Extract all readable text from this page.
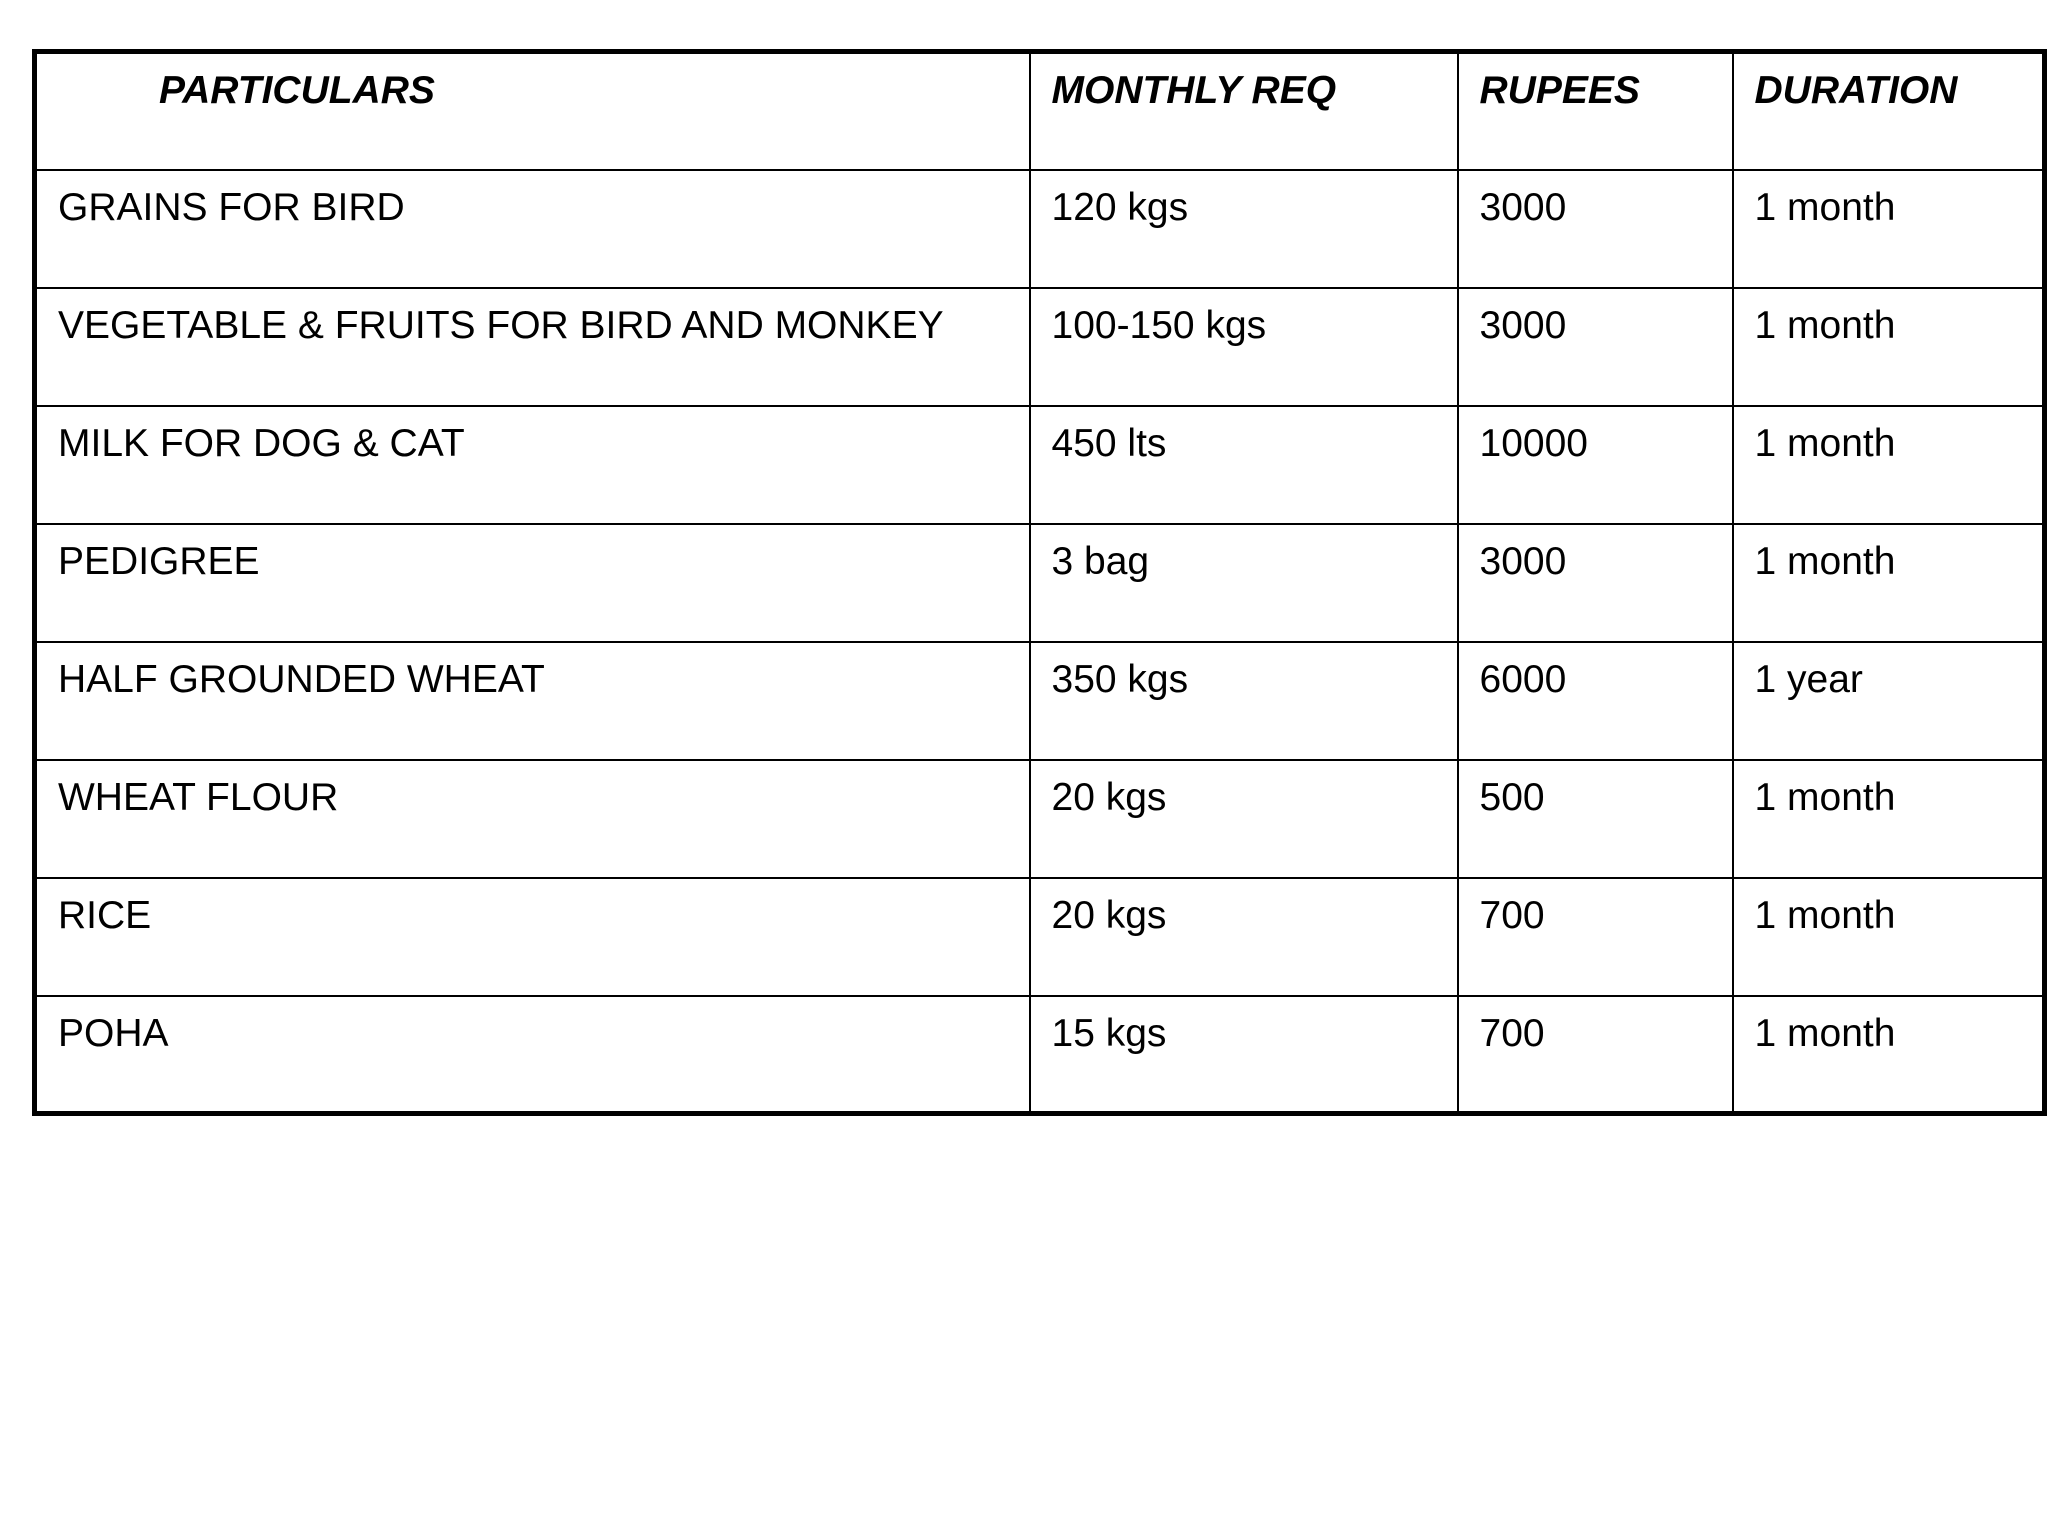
PARTICULARS	MONTHLY REQ	RUPEES	DURATION
GRAINS FOR BIRD	120 kgs	3000	1 month
VEGETABLE & FRUITS FOR BIRD AND MONKEY	100-150 kgs	3000	1 month
MILK FOR DOG & CAT	450 lts	10000	1 month
PEDIGREE	3 bag	3000	1 month
HALF GROUNDED WHEAT	350 kgs	6000	1 year
WHEAT FLOUR	20 kgs	500	1 month
RICE	20 kgs	700	1 month
POHA	15 kgs	700	1 month
